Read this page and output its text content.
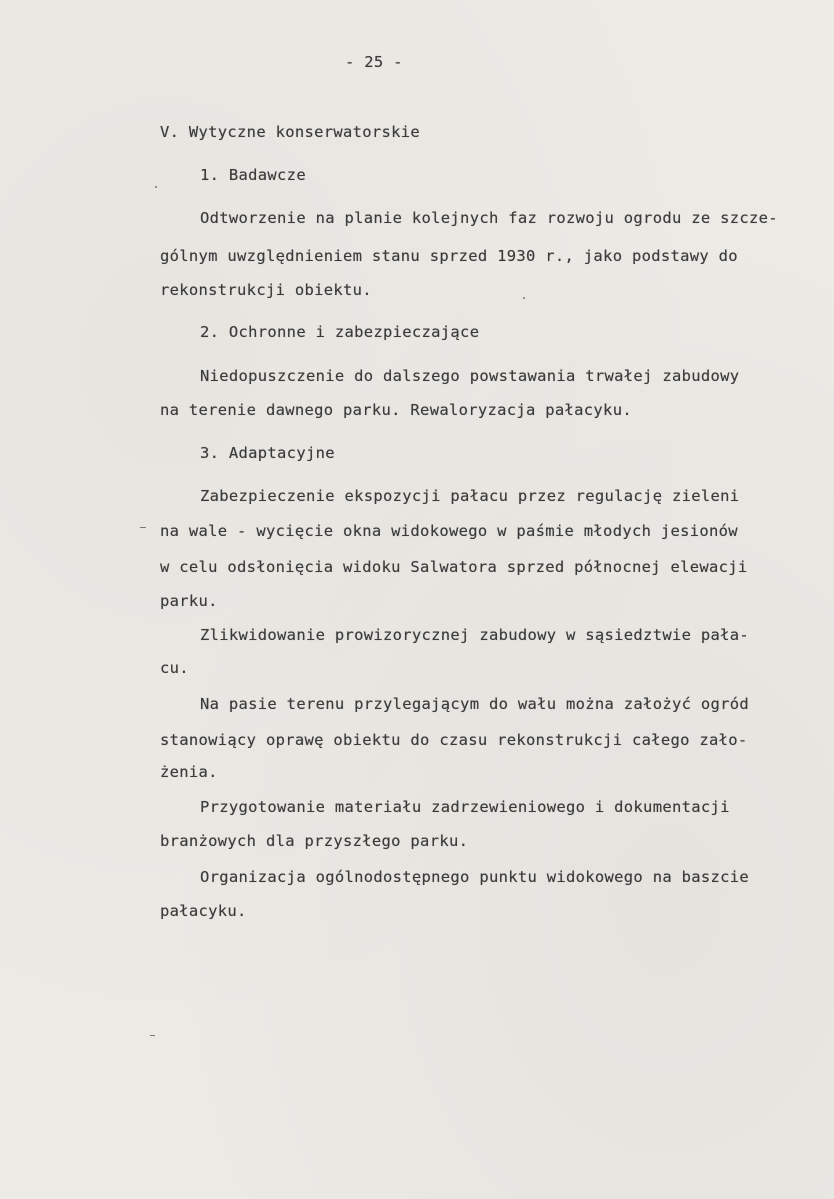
- 25 -
V. Wytyczne konserwatorskie
1. Badawcze
Odtworzenie na planie kolejnych faz rozwoju ogrodu ze szcze-
gólnym uwzględnieniem stanu sprzed 1930 r., jako podstawy do
rekonstrukcji obiektu.
2. Ochronne i zabezpieczające
Niedopuszczenie do dalszego powstawania trwałej zabudowy
na terenie dawnego parku. Rewaloryzacja pałacyku.
3. Adaptacyjne
Zabezpieczenie ekspozycji pałacu przez regulację zieleni
na wale - wycięcie okna widokowego w paśmie młodych jesionów
w celu odsłonięcia widoku Salwatora sprzed północnej elewacji
parku.
Zlikwidowanie prowizorycznej zabudowy w sąsiedztwie pała-
cu.
Na pasie terenu przylegającym do wału można założyć ogród
stanowiący oprawę obiektu do czasu rekonstrukcji całego zało-
żenia.
Przygotowanie materiału zadrzewieniowego i dokumentacji
branżowych dla przyszłego parku.
Organizacja ogólnodostępnego punktu widokowego na baszcie
pałacyku.
